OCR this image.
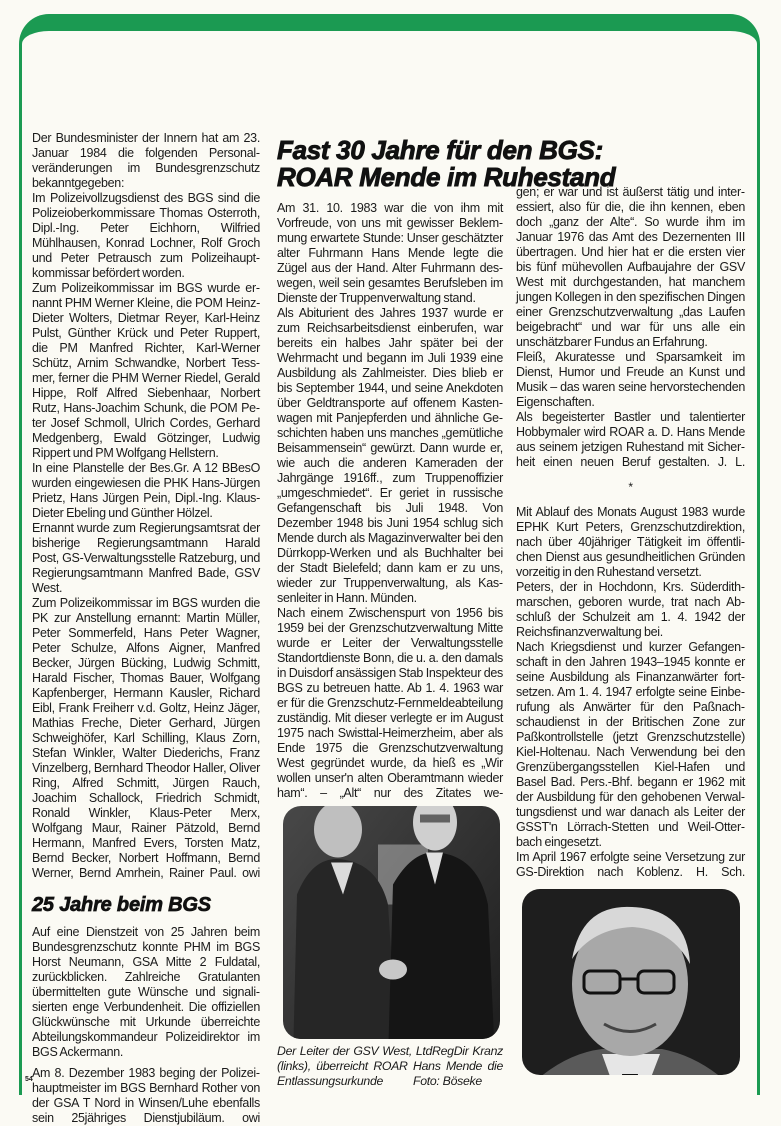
Der Bundesminister der Innern hat am 23. Januar 1984 die folgenden Personalveränderungen im Bundesgrenzschutz bekanntgegeben:

Im Polizeivollzugsdienst des BGS sind die Polizeioberkommissare Thomas Osterroth, Dipl.-Ing. Peter Eichhorn, Wilfried Mühlhausen, Konrad Lochner, Rolf Groch und Peter Petrausch zum Polizeihauptkommissar befördert worden.

Zum Polizeikommissar im BGS wurde ernannt PHM Werner Kleine, die POM Heinz-Dieter Wolters, Dietmar Reyer, Karl-Heinz Pulst, Günther Krück und Peter Ruppert, die PM Manfred Richter, Karl-Werner Schütz, Arnim Schwandke, Norbert Tessmer, ferner die PHM Werner Riedel, Gerald Hippe, Rolf Alfred Siebenhaar, Norbert Rutz, Hans-Joachim Schunk, die POM Peter Josef Schmoll, Ulrich Cordes, Gerhard Medgenberg, Ewald Götzinger, Ludwig Rippert und PM Wolfgang Hellstern.

In eine Planstelle der Bes.Gr. A 12 BBesO wurden eingewiesen die PHK Hans-Jürgen Prietz, Hans Jürgen Pein, Dipl.-Ing. Klaus-Dieter Ebeling und Günther Hölzel.

Ernannt wurde zum Regierungsamtsrat der bisherige Regierungsamtmann Harald Post, GS-Verwaltungsstelle Ratzeburg, und Regierungsamtmann Manfred Bade, GSV West.

Zum Polizeikommissar im BGS wurden die PK zur Anstellung ernannt: Martin Müller, Peter Sommerfeld, Hans Peter Wagner, Peter Schulze, Alfons Aigner, Manfred Becker, Jürgen Bücking, Ludwig Schmitt, Harald Fischer, Thomas Bauer, Wolfgang Kapfenberger, Hermann Kausler, Richard Eibl, Frank Freiherr v.d. Goltz, Heinz Jäger, Mathias Freche, Dieter Gerhard, Jürgen Schweighöfer, Karl Schilling, Klaus Zorn, Stefan Winkler, Walter Diederichs, Franz Vinzelberg, Bernhard Theodor Haller, Oliver Ring, Alfred Schmitt, Jürgen Rauch, Joachim Schallock, Friedrich Schmidt, Ronald Winkler, Klaus-Peter Merx, Wolfgang Maur, Rainer Pätzold, Bernd Hermann, Manfred Evers, Torsten Matz, Bernd Becker, Norbert Hoffmann, Bernd Werner, Bernd Amrhein, Rainer Paul. owi

25 Jahre beim BGS

Auf eine Dienstzeit von 25 Jahren beim Bundesgrenzschutz konnte PHM im BGS Horst Neumann, GSA Mitte 2 Fuldatal, zurückblicken. Zahlreiche Gratulanten übermittelten gute Wünsche und signalisierten enge Verbundenheit. Die offiziellen Glückwünsche mit Urkunde überreichte Abteilungskommandeur Polizeidirektor im BGS Ackermann.

Am 8. Dezember 1983 beging der Polizeihauptmeister im BGS Bernhard Rother von der GSA T Nord in Winsen/Luhe ebenfalls sein 25jähriges Dienstjubiläum. owi

54
Fast 30 Jahre für den BGS:
ROAR Mende im Ruhestand

Am 31. 10. 1983 war die von ihm mit Vorfreude, von uns mit gewisser Beklemmung erwartete Stunde: Unser geschätzter alter Fuhrmann Hans Mende legte die Zügel aus der Hand. Alter Fuhrmann deswegen, weil sein gesamtes Berufsleben im Dienste der Truppenverwaltung stand.

Als Abiturient des Jahres 1937 wurde er zum Reichsarbeitsdienst einberufen, war bereits ein halbes Jahr später bei der Wehrmacht und begann im Juli 1939 eine Ausbildung als Zahlmeister. Dies blieb er bis September 1944, und seine Anekdoten über Geldtransporte auf offenem Kastenwagen mit Panjepferden und ähnliche Geschichten haben uns manches „gemütliche Beisammensein“ gewürzt. Dann wurde er, wie auch die anderen Kameraden der Jahrgänge 1916ff., zum Truppenoffizier „umgeschmiedet“. Er geriet in russische Gefangenschaft bis Juli 1948. Von Dezember 1948 bis Juni 1954 schlug sich Mende durch als Magazinverwalter bei den Dürrkopp-Werken und als Buchhalter bei der Stadt Bielefeld; dann kam er zu uns, wieder zur Truppenverwaltung, als Kassenleiter in Hann. Münden.

Nach einem Zwischenspurt von 1956 bis 1959 bei der Grenzschutzverwaltung Mitte wurde er Leiter der Verwaltungsstelle Standortdienste Bonn, die u. a. den damals in Duisdorf ansässigen Stab Inspekteur des BGS zu betreuen hatte. Ab 1. 4. 1963 war er für die Grenzschutz-Fernmeldeabteilung zuständig. Mit dieser verlegte er im August 1975 nach Swisttal-Heimerzheim, aber als Ende 1975 die Grenzschutzverwaltung West gegründet wurde, da hieß es „Wir wollen unser'n alten Oberamtmann wieder ham“. – „Alt“ nur des Zitates we-

Der Leiter der GSV West, LtdRegDir Kranz (links), überreicht ROAR Hans Mende die Entlassungsurkunde Foto: Böseke

gen; er war und ist äußerst tätig und interessiert, also für die, die ihn kennen, eben doch „ganz der Alte“. So wurde ihm im Januar 1976 das Amt des Dezernenten III übertragen. Und hier hat er die ersten vier bis fünf mühevollen Aufbaujahre der GSV West mit durchgestanden, hat manchem jungen Kollegen in den spezifischen Dingen einer Grenzschutzverwaltung „das Laufen beigebracht“ und war für uns alle ein unschätzbarer Fundus an Erfahrung.

Fleiß, Akuratesse und Sparsamkeit im Dienst, Humor und Freude an Kunst und Musik – das waren seine hervorstechenden Eigenschaften.

Als begeisterter Bastler und talentierter Hobbymaler wird ROAR a. D. Hans Mende aus seinem jetzigen Ruhestand mit Sicherheit einen neuen Beruf gestalten. J. L.

*

Mit Ablauf des Monats August 1983 wurde EPHK Kurt Peters, Grenzschutzdirektion, nach über 40jähriger Tätigkeit im öffentlichen Dienst aus gesundheitlichen Gründen vorzeitig in den Ruhestand versetzt.

Peters, der in Hochdonn, Krs. Süderdithmarschen, geboren wurde, trat nach Abschluß der Schulzeit am 1. 4. 1942 der Reichsfinanzverwaltung bei.

Nach Kriegsdienst und kurzer Gefangenschaft in den Jahren 1943–1945 konnte er seine Ausbildung als Finanzanwärter fortsetzen. Am 1. 4. 1947 erfolgte seine Einberufung als Anwärter für den Paßnachschaudienst in der Britischen Zone zur Paßkontrollstelle (jetzt Grenzschutzstelle) Kiel-Holtenau. Nach Verwendung bei den Grenzübergangsstellen Kiel-Hafen und Basel Bad. Pers.-Bhf. begann er 1962 mit der Ausbildung für den gehobenen Verwaltungsdienst und war danach als Leiter der GSST'n Lörrach-Stetten und Weil-Otterbach eingesetzt.

Im April 1967 erfolgte seine Versetzung zur GS-Direktion nach Koblenz. H. Sch.
